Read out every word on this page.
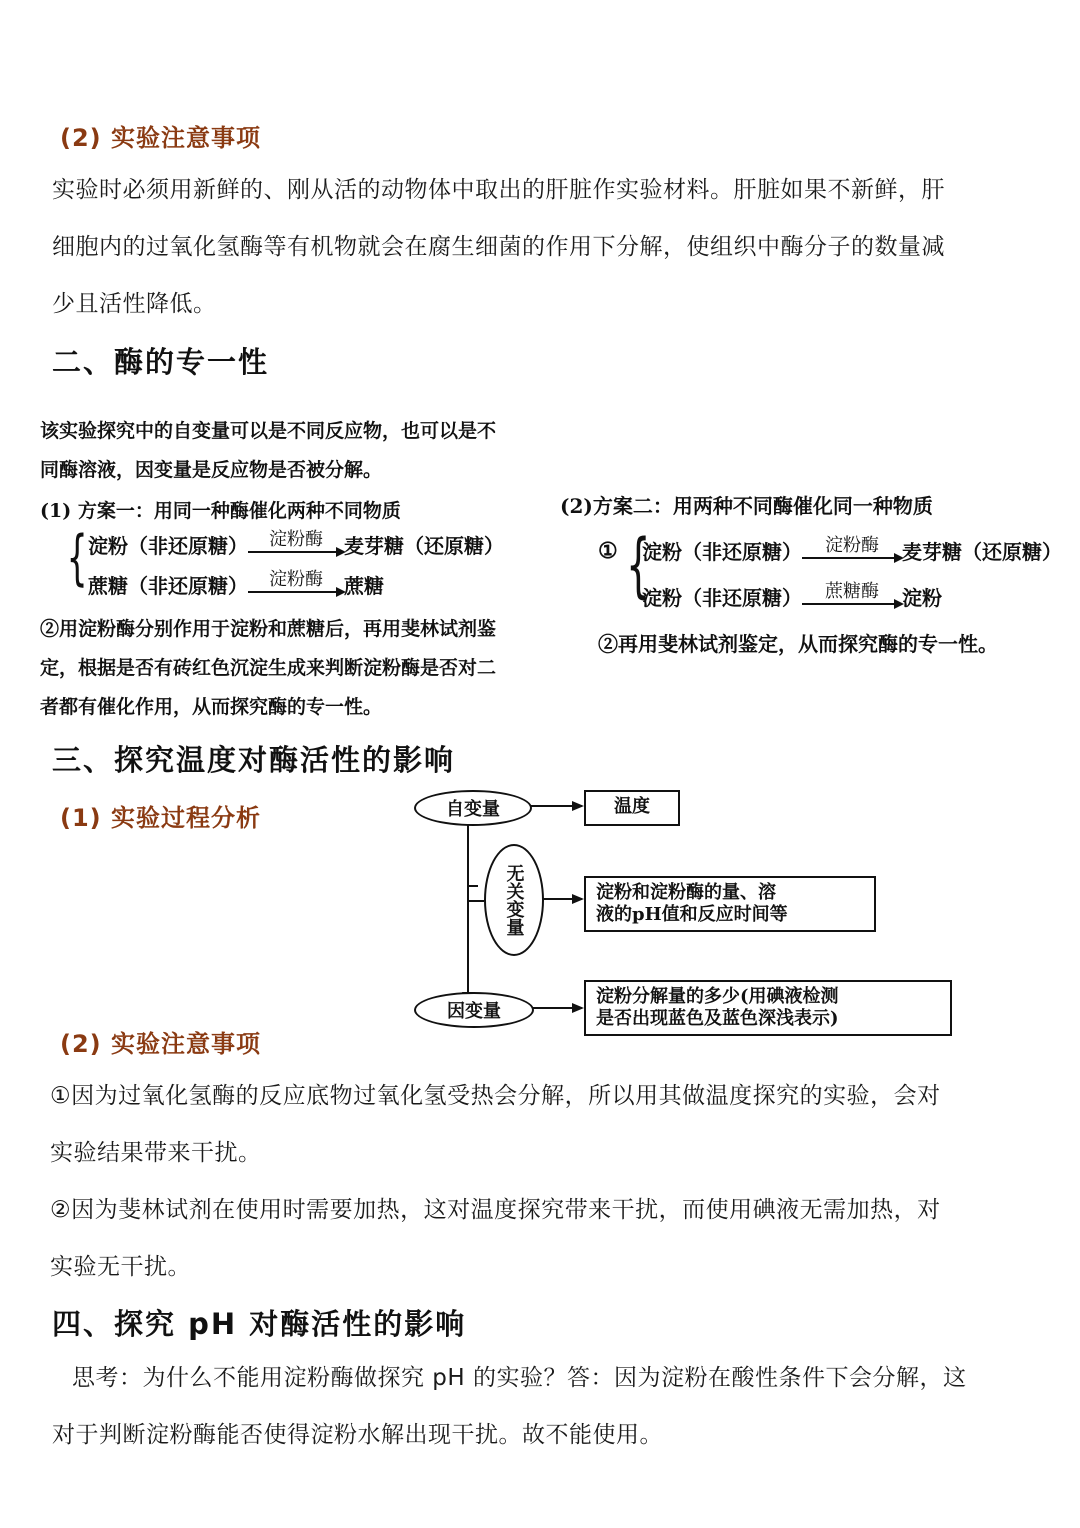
(2) 实验注意事项
实验时必须用新鲜的、刚从活的动物体中取出的肝脏作实验材料。肝脏如果不新鲜，肝
细胞内的过氧化氢酶等有机物就会在腐生细菌的作用下分解，使组织中酶分子的数量减
少且活性降低。
二、酶的专一性
该实验探究中的自变量可以是不同反应物，也可以是不
同酶溶液，因变量是反应物是否被分解。
(1) 方案一：用同一种酶催化两种不同物质
{ 淀粉（非还原糖）	淀粉酶	麦芽糖（还原糖）
蔗糖（非还原糖）	淀粉酶	蔗糖
②用淀粉酶分别作用于淀粉和蔗糖后，再用斐林试剂鉴
定，根据是否有砖红色沉淀生成来判断淀粉酶是否对二
者都有催化作用，从而探究酶的专一性。
(2)方案二：用两种不同酶催化同一种物质
① {
淀粉（非还原糖）	淀粉酶	麦芽糖（还原糖）
淀粉（非还原糖）	蔗糖酶	淀粉
②再用斐林试剂鉴定，从而探究酶的专一性。
三、探究温度对酶活性的影响
(1) 实验过程分析	自变量	温度
无关变量	淀粉和淀粉酶的量、溶
液的pH值和反应时间等
因变量
淀粉分解量的多少(用碘液检测
是否出现蓝色及蓝色深浅表示)
(2) 实验注意事项
①因为过氧化氢酶的反应底物过氧化氢受热会分解，所以用其做温度探究的实验，会对
实验结果带来干扰。
②因为斐林试剂在使用时需要加热，这对温度探究带来干扰，而使用碘液无需加热，对
实验无干扰。
四、探究 pH 对酶活性的影响
思考：为什么不能用淀粉酶做探究 pH 的实验？答：因为淀粉在酸性条件下会分解，这
对于判断淀粉酶能否使得淀粉水解出现干扰。故不能使用。
